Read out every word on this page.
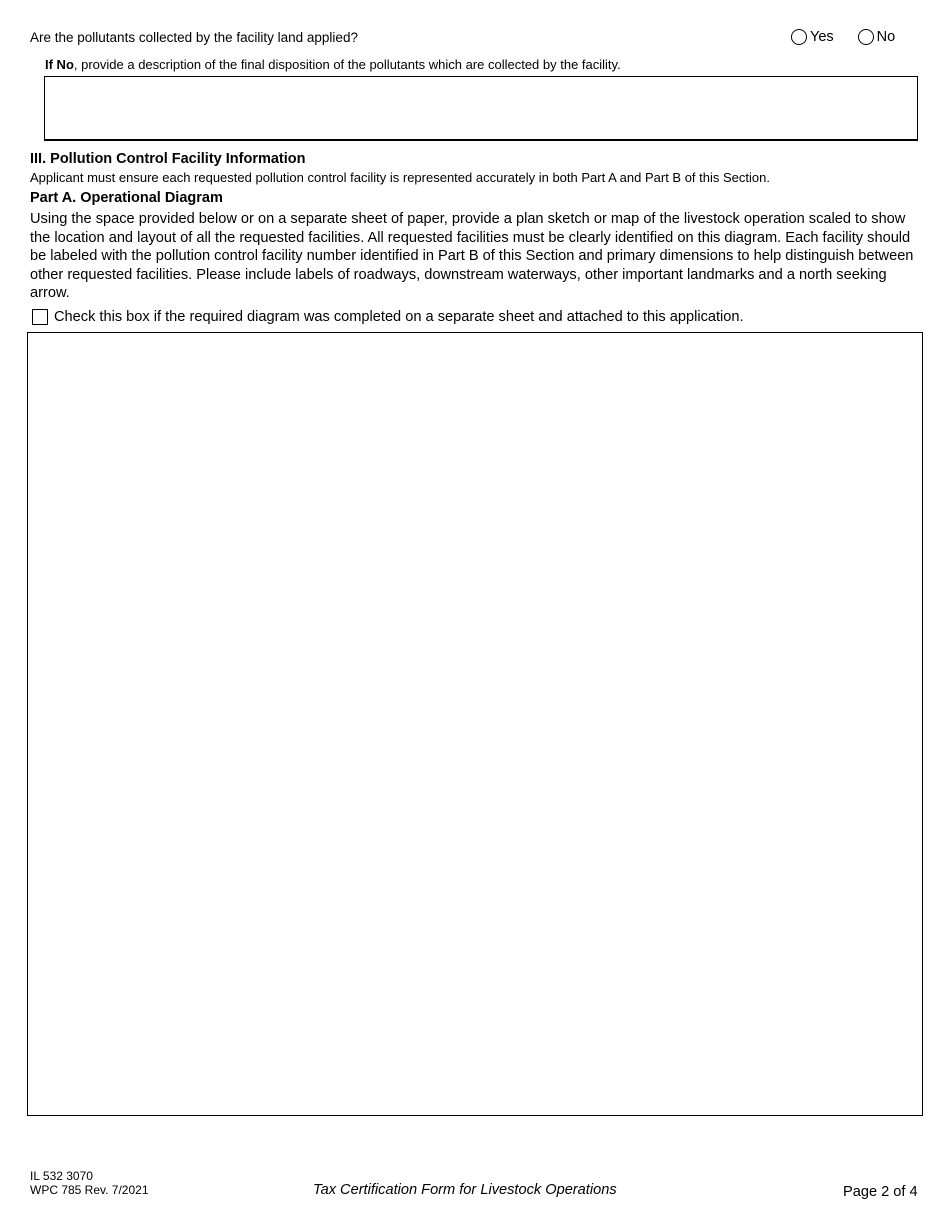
Are the pollutants collected by the facility land applied?	Yes	No
If No, provide a description of the final disposition of the pollutants which are collected by the facility.
III. Pollution Control Facility Information
Applicant must ensure each requested pollution control facility is represented accurately in both Part A and Part B of this Section.
Part A. Operational Diagram
Using the space provided below or on a separate sheet of paper, provide a plan sketch or map of the livestock operation scaled to show the location and layout of all the requested facilities. All requested facilities must be clearly identified on this diagram. Each facility should be labeled with the pollution control facility number identified in Part B of this Section and primary dimensions to help distinguish between other requested facilities. Please include labels of roadways, downstream waterways, other important landmarks and a north seeking arrow.
Check this box if the required diagram was completed on a separate sheet and attached to this application.
IL 532 3070
WPC 785 Rev. 7/2021	Tax Certification Form for Livestock Operations	Page 2 of 4
